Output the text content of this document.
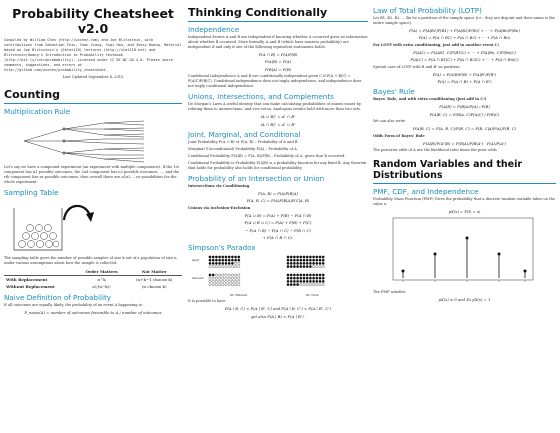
Probability Cheatsheet v2.0
Compiled by William Chen (http://wzchen.com) and Joe Blitzstein, with contributions from Sebastian Chiu, Yuan Jiang, Yuqi Hou, and Jessy Hwang. Material based on Joe Blitzstein's (@stat110) lectures (http://stat110.net) and Blitzstein/Hwang's Introduction to Probability textbook (http://bit.ly/introprobability). Licensed under CC BY-NC-SA 4.0. Please share comments, suggestions, and errors at http://github.com/wzchen/probability_cheatsheet.
Last Updated September 4, 2015
Counting
Multiplication Rule
Let's say we have a compound experiment (an experiment with multiple components). If the 1st component has n1 possible outcomes, the 2nd component has n2 possible outcomes, ..., and the rth component has nr possible outcomes, then overall there are n1n2 ... nr possibilities for the whole experiment.
Sampling Table
The sampling table gives the number of possible samples of size k out of a population of size n, under various assumptions about how the sample is collected.
	Order Matters	Not Matter
With Replacement	n^k	(n+k−1 choose k)
Without Replacement	n!/(n−k)!	(n choose k)
Naive Definition of Probability
If all outcomes are equally likely, the probability of an event A happening is:
P_naive(A) = number of outcomes favorable to A / number of outcomes
Thinking Conditionally
Independence
Independent Events A and B are independent if knowing whether A occurred gives no information about whether B occurred. More formally, A and B (which have nonzero probability) are independent if and only if one of the following equivalent statements holds:
P(A ∩ B) = P(A)P(B)
P(A|B) = P(A)
P(B|A) = P(B)
Conditional Independence A and B are conditionally independent given C if P(A ∩ B|C) = P(A|C)P(B|C). Conditional independence does not imply independence, and independence does not imply conditional independence.
Unions, Intersections, and Complements
De Morgan's Laws A useful identity that can make calculating probabilities of unions easier by relating them to intersections, and vice versa. Analogous results hold with more than two sets.
(A ∪ B)ᶜ = Aᶜ ∩ Bᶜ
(A ∩ B)ᶜ = Aᶜ ∪ Bᶜ
Joint, Marginal, and Conditional
Joint Probability P(A ∩ B) or P(A, B) – Probability of A and B.
Marginal (Unconditional) Probability P(A) – Probability of A.
Conditional Probability P(A|B) = P(A, B)/P(B) – Probability of A, given that B occurred.
Conditional Probability is Probability P(A|B) is a probability function for any fixed B. Any theorem that holds for probability also holds for conditional probability.
Probability of an Intersection or Union
Intersections via Conditioning
P(A, B) = P(A)P(B|A)
P(A, B, C) = P(A)P(B|A)P(C|A, B)
Unions via Inclusion-Exclusion
P(A ∪ B) = P(A) + P(B) − P(A ∩ B)
P(A ∪ B ∪ C) = P(A) + P(B) + P(C)
− P(A ∩ B) − P(A ∩ C) − P(B ∩ C)
+ P(A ∩ B ∩ C).
Simpson's Paradox
heart
band-aid
Dr. Hibbert	Dr. Nick
It is possible to have
P(A | B, C) < P(A | Bᶜ, C) and P(A | B, Cᶜ) < P(A | Bᶜ, Cᶜ)
yet also P(A | B) > P(A | Bᶜ).
Law of Total Probability (LOTP)
Let B1, B2, B3, ... Bn be a partition of the sample space (i.e., they are disjoint and their union is the entire sample space).
P(A) = P(A|B1)P(B1) + P(A|B2)P(B2) + ··· + P(A|Bn)P(Bn)
P(A) = P(A ∩ B1) + P(A ∩ B2) + ··· + P(A ∩ Bn)
For LOTP with extra conditioning, just add in another event C!
P(A|C) = P(A|B1, C)P(B1|C) + ··· + P(A|Bn, C)P(Bn|C)
P(A|C) = P(A ∩ B1|C) + P(A ∩ B2|C) + ··· + P(A ∩ Bn|C)
Special case of LOTP with B and Bᶜ as partition:
P(A) = P(A|B)P(B) + P(A|Bᶜ)P(Bᶜ)
P(A) = P(A ∩ B) + P(A ∩ Bᶜ)
Bayes' Rule
Bayes' Rule, and with extra conditioning (just add in C!)
P(A|B) = P(B|A)P(A) / P(B)
P(A|B, C) = P(B|A, C)P(A|C) / P(B|C)
We can also write
P(A|B, C) = P(A, B, C)/P(B, C) = P(B, C|A)P(A)/P(B, C)
Odds Form of Bayes' Rule
P(A|B)/P(Aᶜ|B) = P(B|A)/P(B|Aᶜ) · P(A)/P(Aᶜ)
The posterior odds of A are the likelihood ratio times the prior odds.
Random Variables and their Distributions
PMF, CDF, and Independence
Probability Mass Function (PMF) Gives the probability that a discrete random variable takes on the value x.
pX(x) = P(X = x)
The PMF satisfies
pX(x) ≥ 0 and Σx pX(x) = 1
